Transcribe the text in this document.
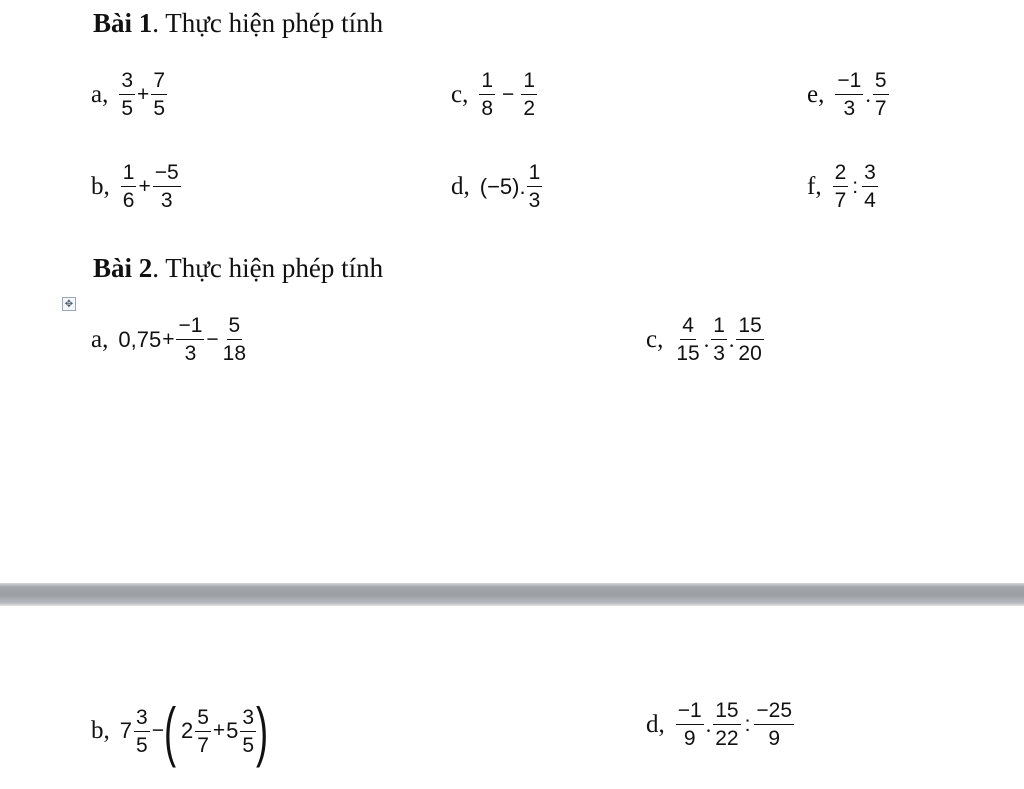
Bài 1. Thực hiện phép tính
a, $\frac{3}{5} + \frac{7}{5}$	c, $\frac{1}{8} - \frac{1}{2}$	e, $\frac{-1}{3}$ . $\frac{5}{7}$
b, $\frac{1}{6} + \frac{-5}{3}$	d, (−5). $\frac{1}{3}$	f, $\frac{2}{7}$ : $\frac{3}{4}$
Bài 2. Thực hiện phép tính
✥
a, $0,75 + \frac{-1}{3} - \frac{5}{18}$	c, $\frac{4}{15}$ . $\frac{1}{3}$ . $\frac{15}{20}$
b, $7 \frac{3}{5}$ − ( $2 \frac{5}{7} + 5 \frac{3}{5}$ )	d, $\frac{-1}{9}$ . $\frac{15}{22}$ : $\frac{-25}{9}$
